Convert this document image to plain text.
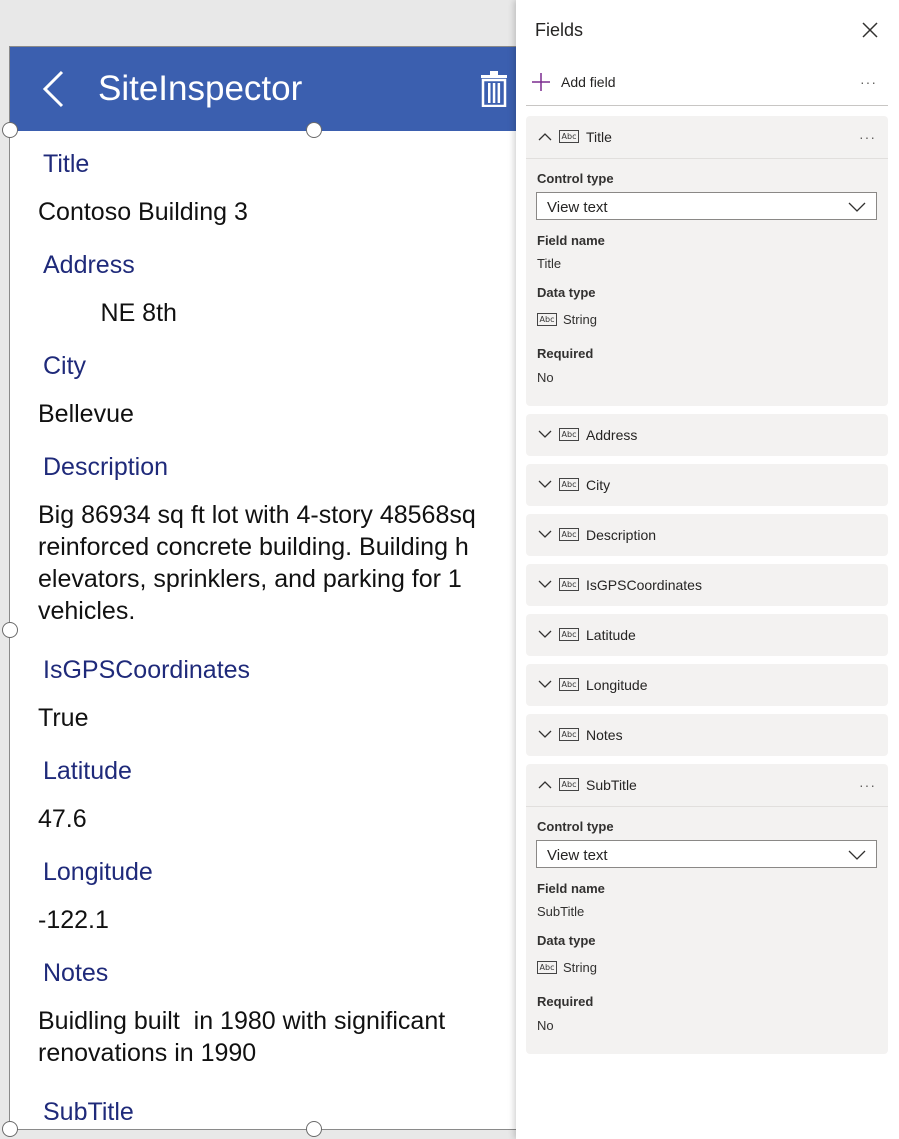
SiteInspector
Title
Contoso Building 3
Address
NE 8th
City
Bellevue
Description
Big 86934 sq ft lot with 4-story 48568sq
reinforced concrete building. Building h
elevators, sprinklers, and parking for 1
vehicles.
IsGPSCoordinates
True
Latitude
47.6
Longitude
-122.1
Notes
Buidling built  in 1980 with significant
renovations in 1990
SubTitle
Fields
Add field	···
Abc Title	···
Control type
View text
Field name
Title
Data type
Abc String
Required
No
Abc Address
Abc City
Abc Description
Abc IsGPSCoordinates
Abc Latitude
Abc Longitude
Abc Notes
Abc SubTitle	···
Control type
View text
Field name
SubTitle
Data type
Abc String
Required
No
